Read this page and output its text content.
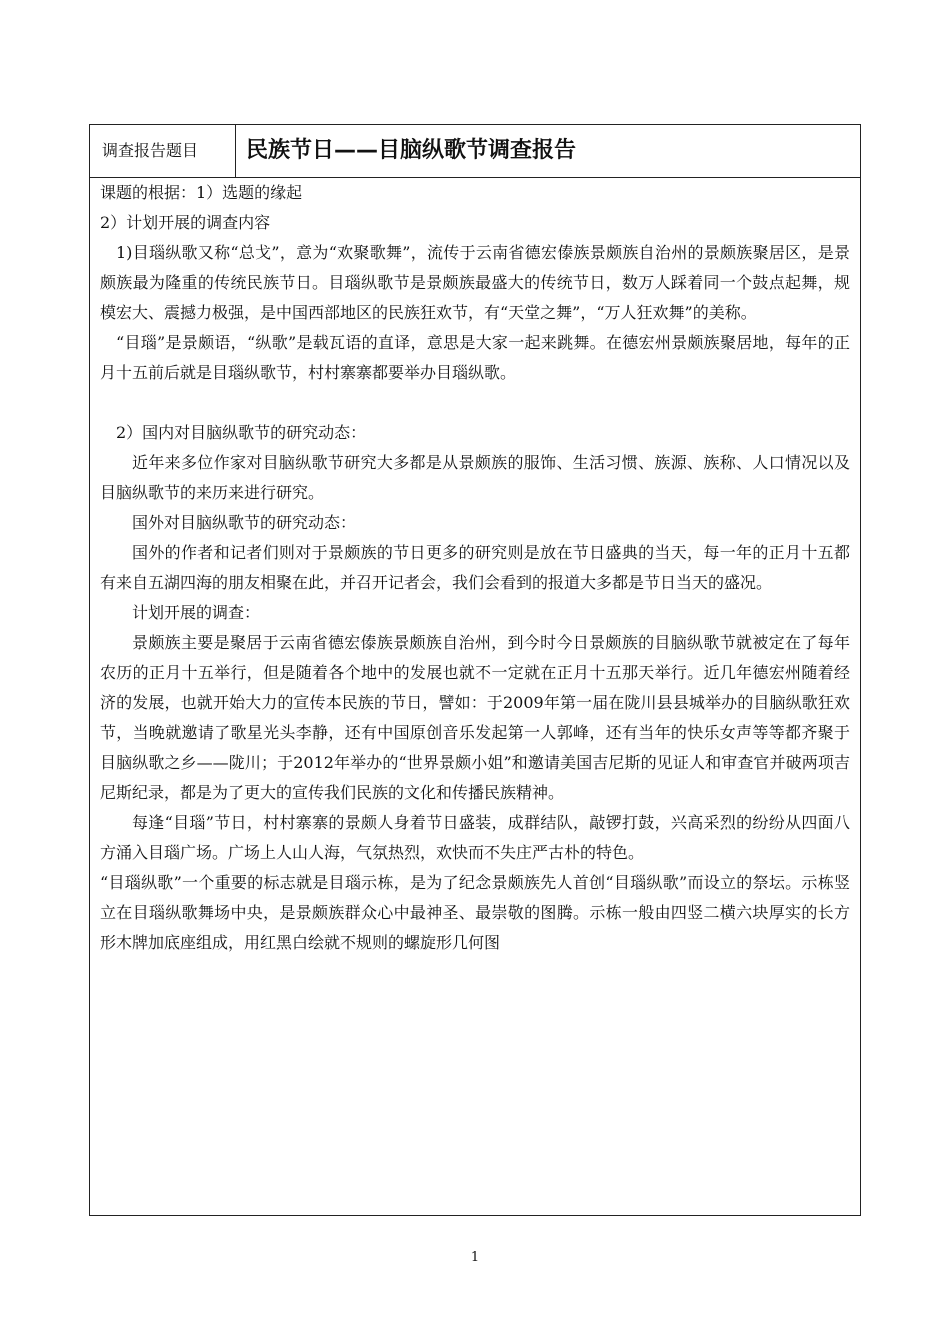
调查报告题目	民族节日——目脑纵歌节调查报告

课题的根据：1）选题的缘起

2）计划开展的调查内容

1)目瑙纵歌又称“总戈”，意为“欢聚歌舞”，流传于云南省德宏傣族景颇族自治州的景颇族聚居区，是景颇族最为隆重的传统民族节日。目瑙纵歌节是景颇族最盛大的传统节日，数万人踩着同一个鼓点起舞，规模宏大、震撼力极强，是中国西部地区的民族狂欢节，有“天堂之舞”，“万人狂欢舞”的美称。

“目瑙”是景颇语，“纵歌”是载瓦语的直译，意思是大家一起来跳舞。在德宏州景颇族聚居地，每年的正月十五前后就是目瑙纵歌节，村村寨寨都要举办目瑙纵歌。

2）国内对目脑纵歌节的研究动态：

近年来多位作家对目脑纵歌节研究大多都是从景颇族的服饰、生活习惯、族源、族称、人口情况以及目脑纵歌节的来历来进行研究。

国外对目脑纵歌节的研究动态：

国外的作者和记者们则对于景颇族的节日更多的研究则是放在节日盛典的当天，每一年的正月十五都有来自五湖四海的朋友相聚在此，并召开记者会，我们会看到的报道大多都是节日当天的盛况。

计划开展的调查：

景颇族主要是聚居于云南省德宏傣族景颇族自治州，到今时今日景颇族的目脑纵歌节就被定在了每年农历的正月十五举行，但是随着各个地中的发展也就不一定就在正月十五那天举行。近几年德宏州随着经济的发展，也就开始大力的宣传本民族的节日，譬如：于2009年第一届在陇川县县城举办的目脑纵歌狂欢节，当晚就邀请了歌星光头李静，还有中国原创音乐发起第一人郭峰，还有当年的快乐女声等等都齐聚于目脑纵歌之乡——陇川；于2012年举办的“世界景颇小姐”和邀请美国吉尼斯的见证人和审查官并破两项吉尼斯纪录，都是为了更大的宣传我们民族的文化和传播民族精神。

每逢“目瑙”节日，村村寨寨的景颇人身着节日盛装，成群结队，敲锣打鼓，兴高采烈的纷纷从四面八方涌入目瑙广场。广场上人山人海，气氛热烈，欢快而不失庄严古朴的特色。

“目瑙纵歌”一个重要的标志就是目瑙示栋，是为了纪念景颇族先人首创“目瑙纵歌”而设立的祭坛。示栋竖立在目瑙纵歌舞场中央，是景颇族群众心中最神圣、最崇敬的图腾。示栋一般由四竖二横六块厚实的长方形木牌加底座组成，用红黑白绘就不规则的螺旋形几何图

1
